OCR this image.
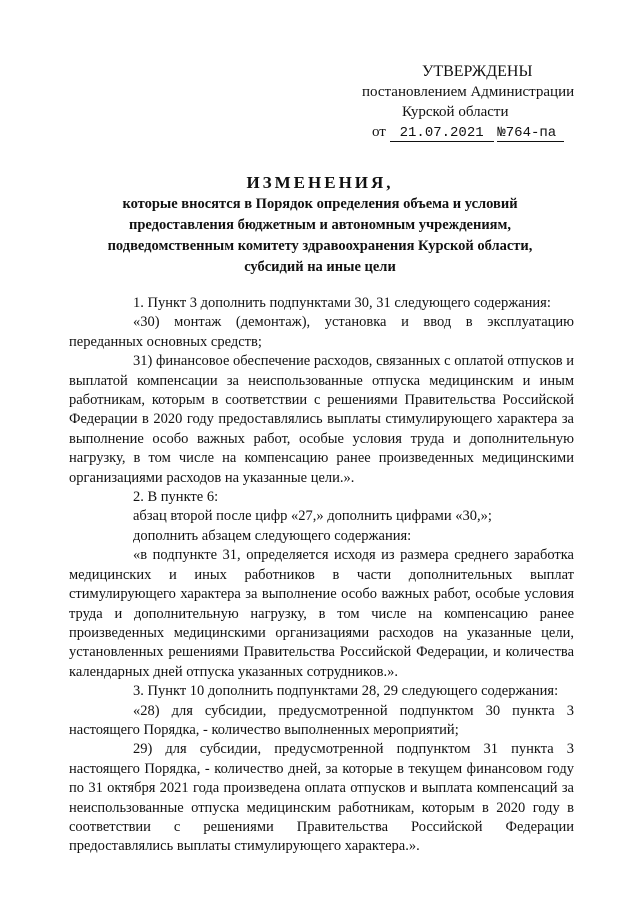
УТВЕРЖДЕНЫ
постановлением Администрации
Курской области
от 21.07.2021 №764-па
ИЗМЕНЕНИЯ,
которые вносятся в Порядок определения объема и условий
предоставления бюджетным и автономным учреждениям,
подведомственным комитету здравоохранения Курской области,
субсидий на иные цели

1. Пункт 3 дополнить подпунктами 30, 31 следующего содержания:

«30) монтаж (демонтаж), установка и ввод в эксплуатацию переданных основных средств;

31) финансовое обеспечение расходов, связанных с оплатой отпусков и выплатой компенсации за неиспользованные отпуска медицинским и иным работникам, которым в соответствии с решениями Правительства Российской Федерации в 2020 году предоставлялись выплаты стимулирующего характера за выполнение особо важных работ, особые условия труда и дополнительную нагрузку, в том числе на компенсацию ранее произведенных медицинскими организациями расходов на указанные цели.».

2. В пункте 6:

абзац второй после цифр «27,» дополнить цифрами «30,»;

дополнить абзацем следующего содержания:

«в подпункте 31, определяется исходя из размера среднего заработка медицинских и иных работников в части дополнительных выплат стимулирующего характера за выполнение особо важных работ, особые условия труда и дополнительную нагрузку, в том числе на компенсацию ранее произведенных медицинскими организациями расходов на указанные цели, установленных решениями Правительства Российской Федерации, и количества календарных дней отпуска указанных сотрудников.».

3. Пункт 10 дополнить подпунктами 28, 29 следующего содержания:

«28) для субсидии, предусмотренной подпунктом 30 пункта 3 настоящего Порядка, - количество выполненных мероприятий;

29) для субсидии, предусмотренной подпунктом 31 пункта 3 настоящего Порядка, - количество дней, за которые в текущем финансовом году по 31 октября 2021 года произведена оплата отпусков и выплата компенсаций за неиспользованные отпуска медицинским работникам, которым в 2020 году в соответствии с решениями Правительства Российской Федерации предоставлялись выплаты стимулирующего характера.».
